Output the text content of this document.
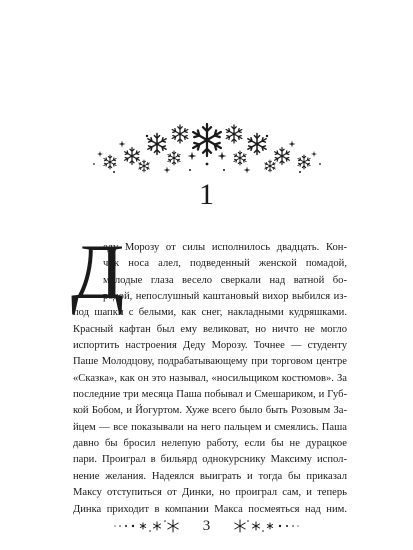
1
Д
еду Морозу от силы исполнилось двадцать. Кон-
чик носа алел, подведенный женской помадой,
молодые глаза весело сверкали над ватной бо-
родой, непослушный каштановый вихор выбился из-
под шапки с белыми, как снег, накладными кудряшками.
Красный кафтан был ему великоват, но ничто не могло
испортить настроения Деду Морозу. Точнее — студенту
Паше Молодцову, подрабатывающему при торговом центре
«Сказка», как он это называл, «носильщиком костюмов». За
последние три месяца Паша побывал и Смешариком, и Губ-
кой Бобом, и Йогуртом. Хуже всего было быть Розовым За-
йцем — все показывали на него пальцем и смеялись. Паша
давно бы бросил нелепую работу, если бы не дурацкое
пари. Проиграл в бильярд однокурснику Максиму испол-
нение желания. Надеялся выиграть и тогда бы приказал
Максу отступиться от Динки, но проиграл сам, и теперь
Динка приходит в компании Макса посмеяться над ним.
3
